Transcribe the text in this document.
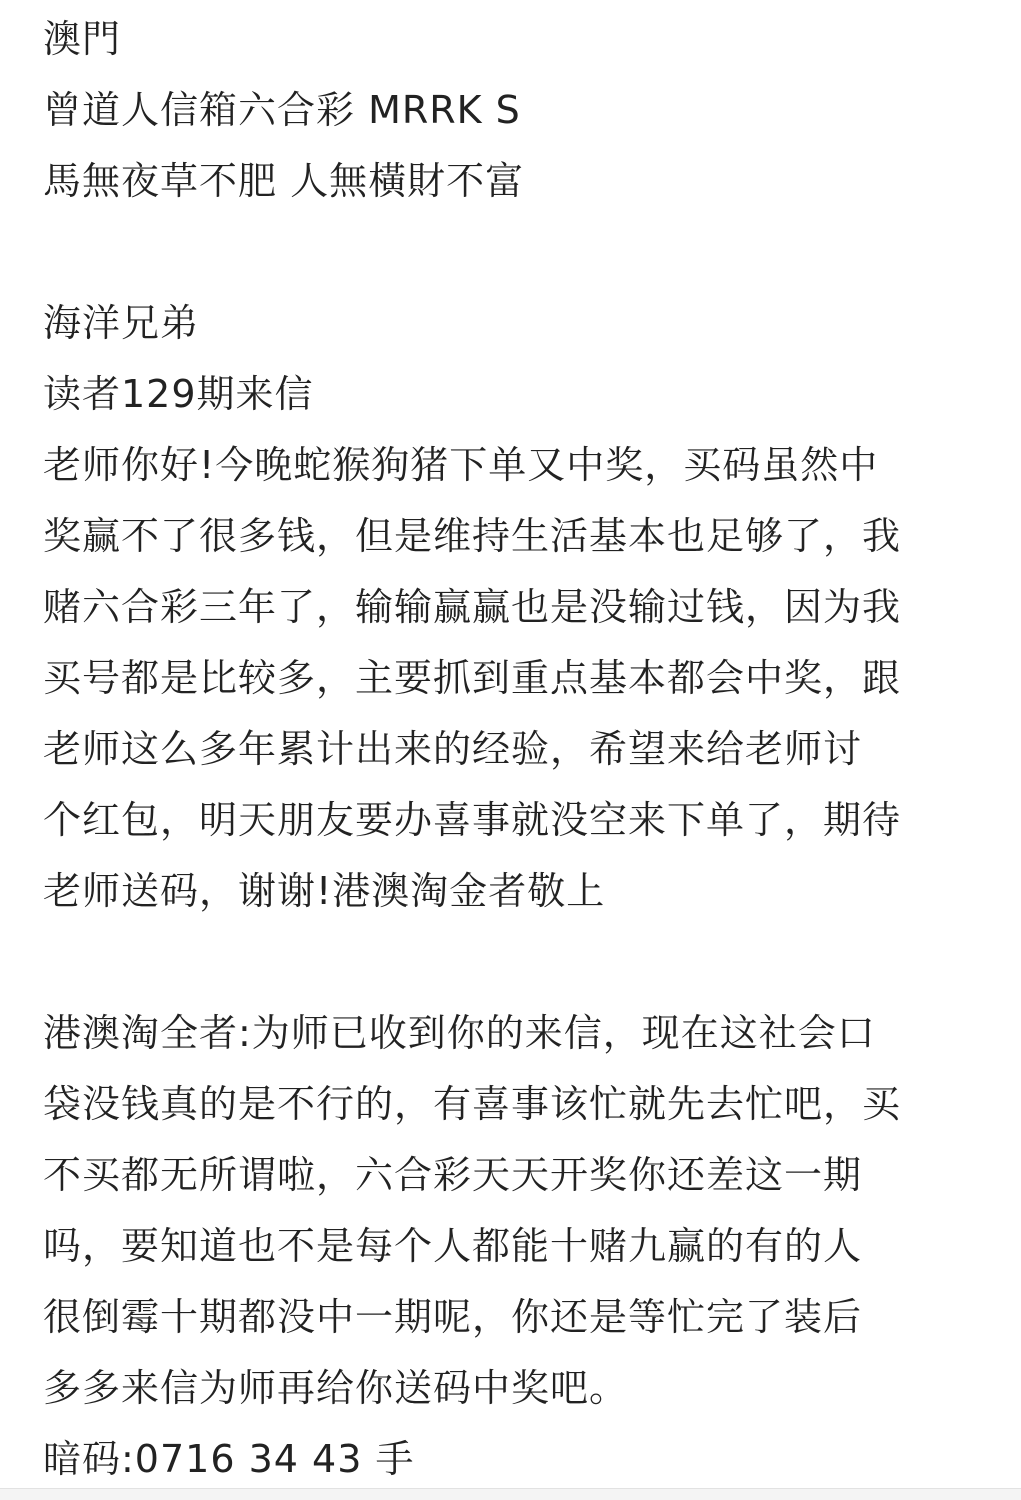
澳門
曾道人信箱六合彩 MRRK S
馬無夜草不肥 人無橫財不富
海洋兄弟
读者129期来信
老师你好!今晚蛇猴狗猪下单又中奖，买码虽然中
奖赢不了很多钱，但是维持生活基本也足够了，我
赌六合彩三年了，输输赢赢也是没输过钱，因为我
买号都是比较多，主要抓到重点基本都会中奖，跟
老师这么多年累计出来的经验，希望来给老师讨
个红包，明天朋友要办喜事就没空来下单了，期待
老师送码，谢谢!港澳淘金者敬上
港澳淘全者:为师已收到你的来信，现在这社会口
袋没钱真的是不行的，有喜事该忙就先去忙吧，买
不买都无所谓啦，六合彩天天开奖你还差这一期
吗，要知道也不是每个人都能十赌九赢的有的人
很倒霉十期都没中一期呢，你还是等忙完了装后
多多来信为师再给你送码中奖吧。
暗码:0716 34 43 手
